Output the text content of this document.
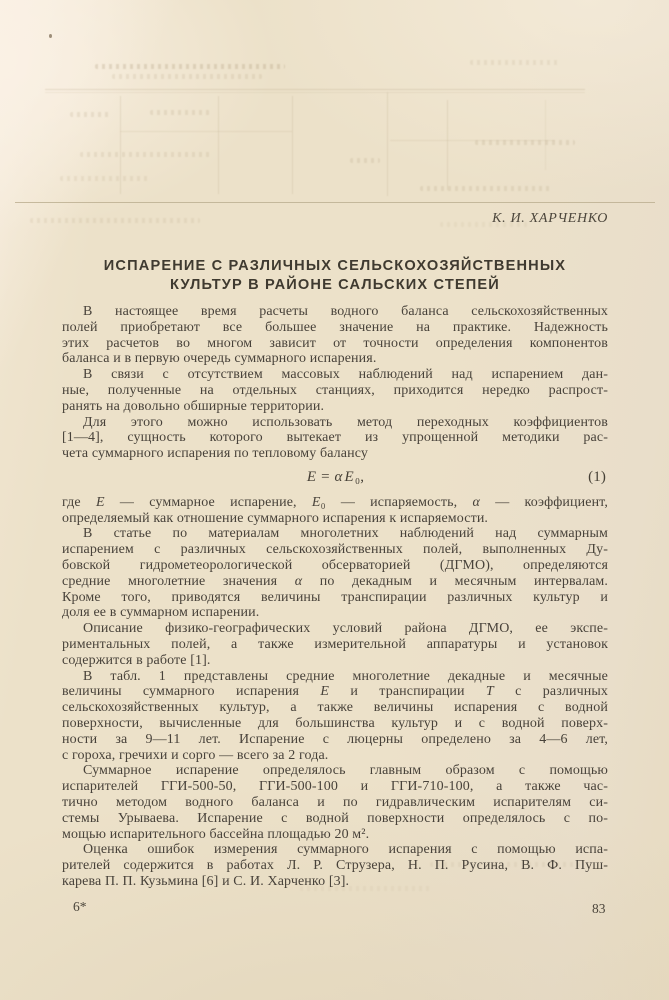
К. И. ХАРЧЕНКО
ИСПАРЕНИЕ С РАЗЛИЧНЫХ СЕЛЬСКОХОЗЯЙСТВЕННЫХ
КУЛЬТУР В РАЙОНЕ САЛЬСКИХ СТЕПЕЙ
В настоящее время расчеты водного баланса сельскохозяйственных
полей приобретают все большее значение на практике. Надежность
этих расчетов во многом зависит от точности определения компонентов
баланса и в первую очередь суммарного испарения.
В связи с отсутствием массовых наблюдений над испарением дан-
ные, полученные на отдельных станциях, приходится нередко распрост-
ранять на довольно обширные территории.
Для этого можно использовать метод переходных коэффициентов
[1—4], сущность которого вытекает из упрощенной методики рас-
чета суммарного испарения по тепловому балансу
E = α E₀,	(1)
где E — суммарное испарение, E₀ — испаряемость, α — коэффициент,
определяемый как отношение суммарного испарения к испаряемости.
В статье по материалам многолетних наблюдений над суммарным
испарением с различных сельскохозяйственных полей, выполненных Ду-
бовской гидрометеорологической обсерваторией (ДГМО), определяются
средние многолетние значения α по декадным и месячным интервалам.
Кроме того, приводятся величины транспирации различных культур и
доля ее в суммарном испарении.
Описание физико-географических условий района ДГМО, ее экспе-
риментальных полей, а также измерительной аппаратуры и установок
содержится в работе [1].
В табл. 1 представлены средние многолетние декадные и месячные
величины суммарного испарения E и транспирации T с различных
сельскохозяйственных культур, а также величины испарения с водной
поверхности, вычисленные для большинства культур и с водной поверх-
ности за 9—11 лет. Испарение с люцерны определено за 4—6 лет,
с гороха, гречихи и сорго — всего за 2 года.
Суммарное испарение определялось главным образом с помощью
испарителей ГГИ-500-50, ГГИ-500-100 и ГГИ-710-100, а также час-
тично методом водного баланса и по гидравлическим испарителям си-
стемы Урываева. Испарение с водной поверхности определялось с по-
мощью испарительного бассейна площадью 20 м².
Оценка ошибок измерения суммарного испарения с помощью испа-
рителей содержится в работах Л. Р. Струзера, Н. П. Русина, В. Ф. Пуш-
карева П. П. Кузьмина [6] и С. И. Харченко [3].
6*	83
